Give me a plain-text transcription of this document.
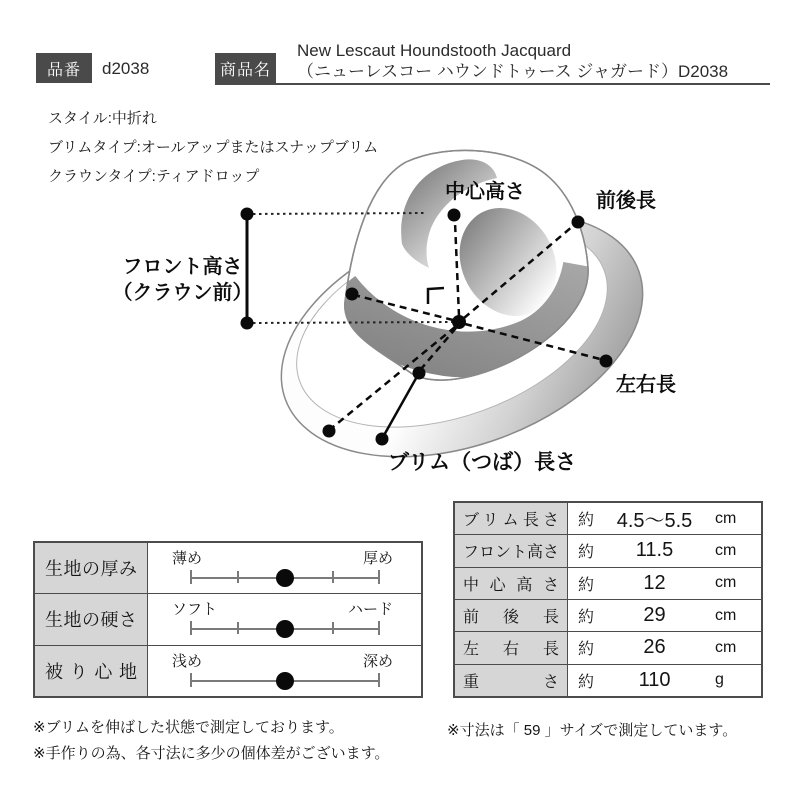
品番 d2038	商品名
New Lescaut Houndstooth Jacquard
（ニューレスコー ハウンドトゥース ジャガード）D2038
スタイル:中折れ
ブリムタイプ:オールアップまたはスナップブリム
クラウンタイプ:ティアドロップ
中心高さ	前後長
フロント高さ
（クラウン前）
左右長
ブリム（つば）長さ
生地の厚み
薄め	厚め
生地の硬さ
ソフト	ハード
被り心地
浅め	深め
ブリム長さ	約	4.5～5.5	cm
フロント高さ	約	11.5	cm
中心高さ	約	12	cm
前後長	約	29	cm
左右長	約	26	cm
重さ	約	110	g
※ブリムを伸ばした状態で測定しております。
※手作りの為、各寸法に多少の個体差がございます。
※寸法は「 59 」サイズで測定しています。
